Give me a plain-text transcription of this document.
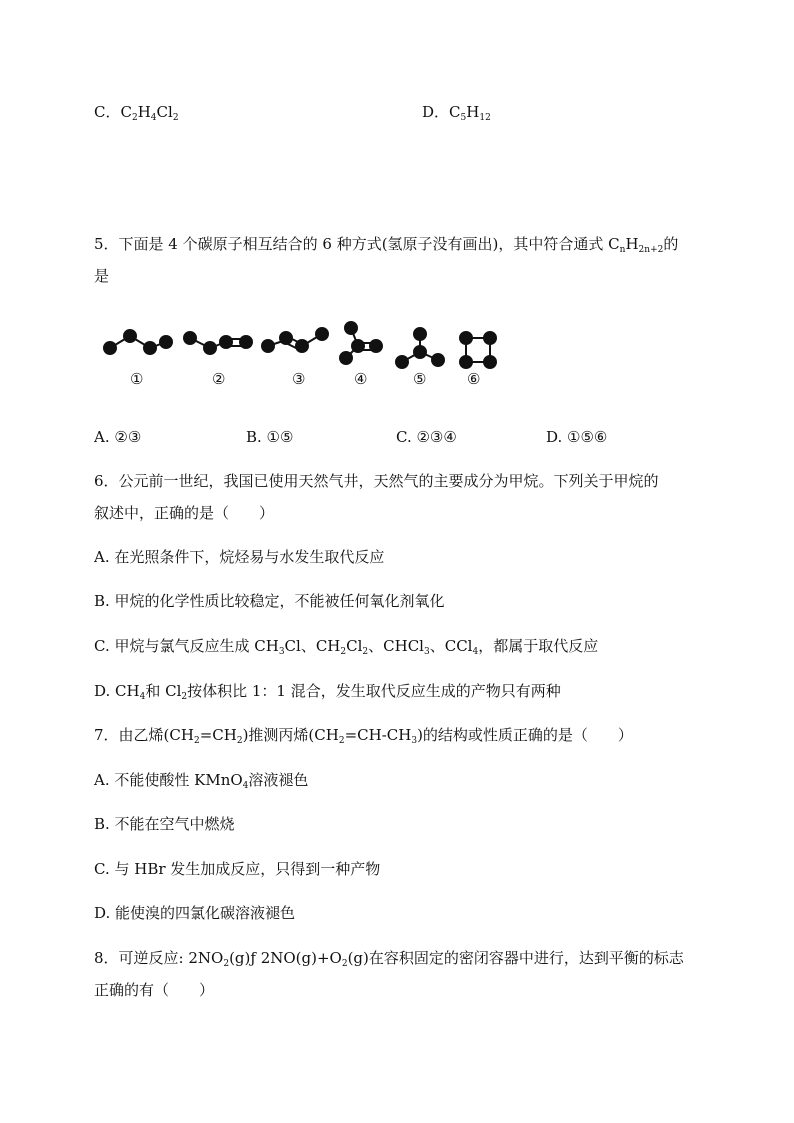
C．$C_2H_4Cl_2$	D．$C_5H_{12}$
5．下面是 4 个碳原子相互结合的 6 种方式(氢原子没有画出)，其中符合通式 $C_nH_{2n+2}$的
是
①	②	③	④	⑤	⑥
A. ②③	B. ①⑤	C. ②③④	D. ①⑤⑥
6．公元前一世纪，我国已使用天然气井，天然气的主要成分为甲烷。下列关于甲烷的
叙述中，正确的是（　　）
A. 在光照条件下，烷烃易与水发生取代反应
B. 甲烷的化学性质比较稳定，不能被任何氧化剂氧化
C. 甲烷与氯气反应生成 $CH_3Cl$、$CH_2Cl_2$、CHCl$_3$、CCl$_4$，都属于取代反应
D. $CH_4$和 $Cl_2$按体积比 1：1 混合，发生取代反应生成的产物只有两种
7．由乙烯$(CH_2=CH_2)$推测丙烯$(CH_2=CH-CH_3)$的结构或性质正确的是（　　）
A. 不能使酸性 KMnO$_4$溶液褪色
B. 不能在空气中燃烧
C. 与 HBr 发生加成反应，只得到一种产物
D. 能使溴的四氯化碳溶液褪色
8．可逆反应: $2NO_2(g)ƒ$ $2NO(g)+O_2(g)$在容积固定的密闭容器中进行，达到平衡的标志
正确的有（　　）
